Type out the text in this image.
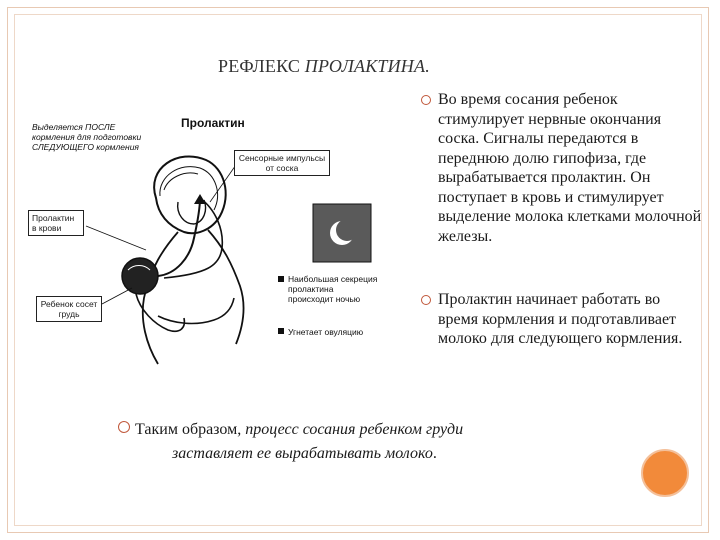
РЕФЛЕКС ПРОЛАКТИНА.
Выделяется ПОСЛЕ кормления для подготовки СЛЕДУЮЩЕГО кормления
Пролактин
Сенсорные импульсы от соска
Пролактин в крови
Ребенок сосет грудь
Наибольшая секреция пролактина происходит ночью
Угнетает овуляцию
Во время сосания ребенок стимулирует нервные окончания соска. Сигналы передаются в переднюю долю гипофиза, где вырабатывается пролактин. Он поступает в кровь и стимулирует выделение молока клетками молочной железы.
Пролактин начинает работать во время кормления и подготавливает молоко для следующего кормления.
Таким образом, процесс сосания ребенком груди
заставляет ее вырабатывать молоко.
